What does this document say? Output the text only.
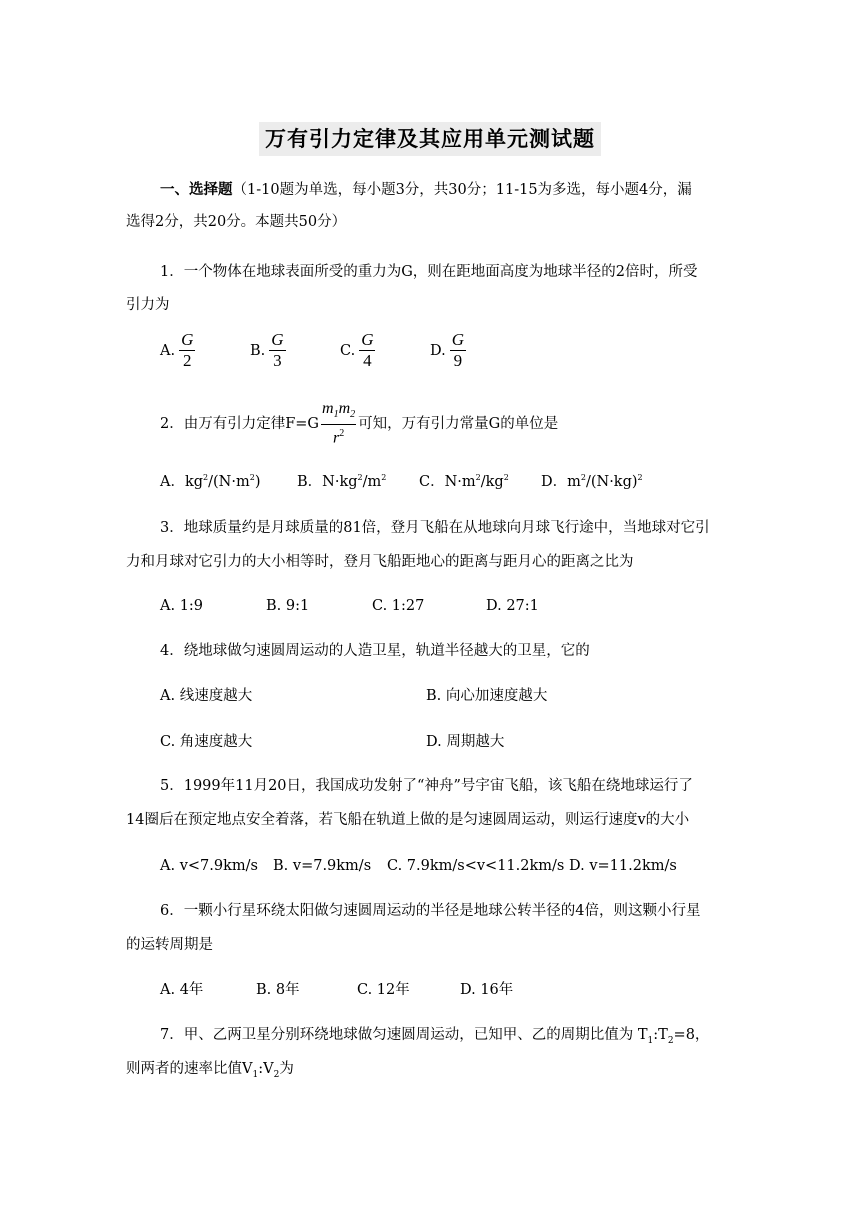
万有引力定律及其应用单元测试题
一、选择题（1-10题为单选，每小题3分，共30分；11-15为多选，每小题4分，漏
选得2分，共20分。本题共50分）
1．一个物体在地球表面所受的重力为G，则在距地面高度为地球半径的2倍时，所受
引力为
A. $\frac{G}{2}$	B. $\frac{G}{3}$	C. $\frac{G}{4}$	D. $\frac{G}{9}$
2．由万有引力定律$F=G \frac{m_1m_2}{r^2}$ 可知，万有引力常量G的单位是
A．$kg^2/(N\cdot m^2)$	B．$N\cdot kg^2/m^2$ C．$N\cdot m^2/kg^2$ D．$m^2/(N\cdot kg)^2$
3．地球质量约是月球质量的81倍，登月飞船在从地球向月球飞行途中，当地球对它引
力和月球对它引力的大小相等时，登月飞船距地心的距离与距月心的距离之比为
A. 1:9	B. 9:1	C. 1:27	D. 27:1
4．绕地球做匀速圆周运动的人造卫星，轨道半径越大的卫星，它的
A. 线速度越大	B. 向心加速度越大
C. 角速度越大	D. 周期越大
5．1999年11月20日，我国成功发射了“神舟”号宇宙飞船，该飞船在绕地球运行了
14圈后在预定地点安全着落，若飞船在轨道上做的是匀速圆周运动，则运行速度v的大小
A. v<7.9km/s B. v=7.9km/s C. 7.9km/s<v<11.2km/s D. v=11.2km/s
6．一颗小行星环绕太阳做匀速圆周运动的半径是地球公转半径的4倍，则这颗小行星
的运转周期是
A. 4年	B. 8年	C. 12年	D. 16年
7．甲、乙两卫星分别环绕地球做匀速圆周运动，已知甲、乙的周期比值为 $T_1:T_2=8$，
则两者的速率比值$V_1:V_2$为
